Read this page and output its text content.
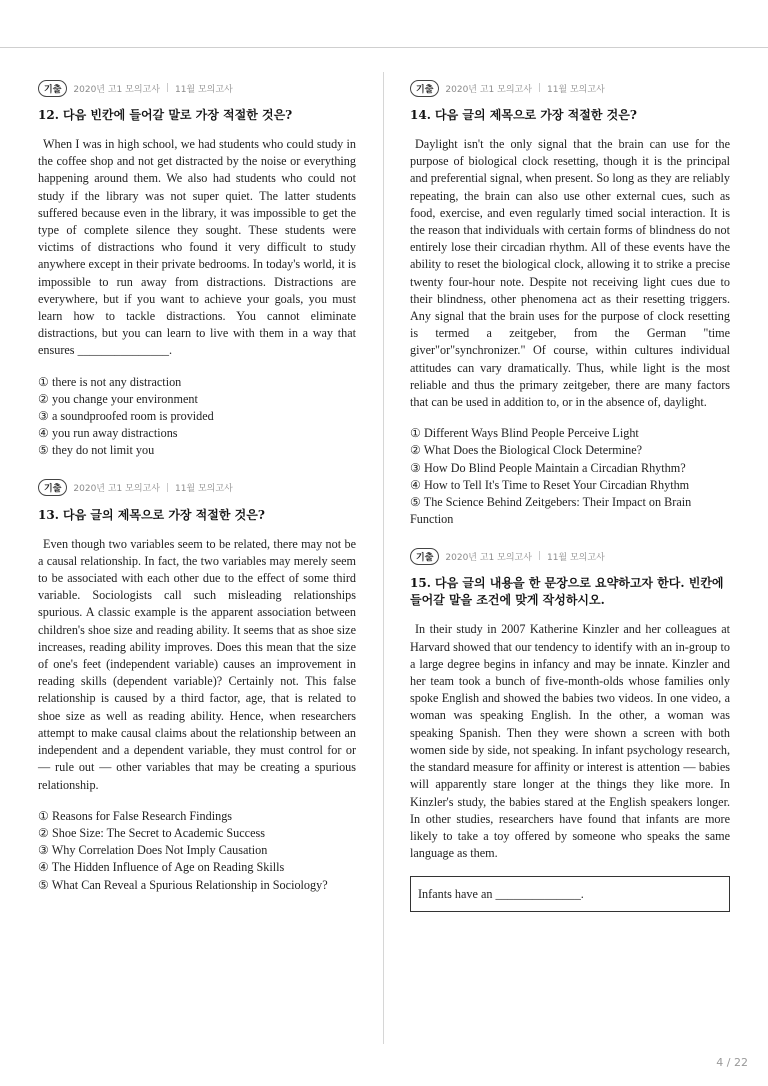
기출	2020년 고1 모의고사 | 11월 모의고사
12. 다음 빈칸에 들어갈 말로 가장 적절한 것은?
When I was in high school, we had students who could study in the coffee shop and not get distracted by the noise or everything happening around them. We also had students who could not study if the library was not super quiet. The latter students suffered because even in the library, it was impossible to get the type of complete silence they sought. These students were victims of distractions who found it very difficult to study anywhere except in their private bedrooms. In today's world, it is impossible to run away from distractions. Distractions are everywhere, but if you want to achieve your goals, you must learn how to tackle distractions. You cannot eliminate distractions, but you can learn to live with them in a way that ensures _______________.
① there is not any distraction
② you change your environment
③ a soundproofed room is provided
④ you run away distractions
⑤ they do not limit you
기출	2020년 고1 모의고사 | 11월 모의고사
13. 다음 글의 제목으로 가장 적절한 것은?
Even though two variables seem to be related, there may not be a causal relationship. In fact, the two variables may merely seem to be associated with each other due to the effect of some third variable. Sociologists call such misleading relationships spurious. A classic example is the apparent association between children's shoe size and reading ability. It seems that as shoe size increases, reading ability improves. Does this mean that the size of one's feet (independent variable) causes an improvement in reading skills (dependent variable)? Certainly not. This false relationship is caused by a third factor, age, that is related to shoe size as well as reading ability. Hence, when researchers attempt to make causal claims about the relationship between an independent and a dependent variable, they must control for or — rule out — other variables that may be creating a spurious relationship.
① Reasons for False Research Findings
② Shoe Size: The Secret to Academic Success
③ Why Correlation Does Not Imply Causation
④ The Hidden Influence of Age on Reading Skills
⑤ What Can Reveal a Spurious Relationship in Sociology?
기출	2020년 고1 모의고사 | 11월 모의고사
14. 다음 글의 제목으로 가장 적절한 것은?
Daylight isn't the only signal that the brain can use for the purpose of biological clock resetting, though it is the principal and preferential signal, when present. So long as they are reliably repeating, the brain can also use other external cues, such as food, exercise, and even regularly timed social interaction. It is the reason that individuals with certain forms of blindness do not entirely lose their circadian rhythm. All of these events have the ability to reset the biological clock, allowing it to strike a precise twenty four-hour note. Despite not receiving light cues due to their blindness, other phenomena act as their resetting triggers. Any signal that the brain uses for the purpose of clock resetting is termed a zeitgeber, from the German "time giver"or"synchronizer." Of course, within cultures individual attitudes can vary dramatically. Thus, while light is the most reliable and thus the primary zeitgeber, there are many factors that can be used in addition to, or in the absence of, daylight.
① Different Ways Blind People Perceive Light
② What Does the Biological Clock Determine?
③ How Do Blind People Maintain a Circadian Rhythm?
④ How to Tell It's Time to Reset Your Circadian Rhythm
⑤ The Science Behind Zeitgebers: Their Impact on Brain Function
기출	2020년 고1 모의고사 | 11월 모의고사
15. 다음 글의 내용을 한 문장으로 요약하고자 한다. 빈칸에 들어갈 말을 조건에 맞게 작성하시오.
In their study in 2007 Katherine Kinzler and her colleagues at Harvard showed that our tendency to identify with an in-group to a large degree begins in infancy and may be innate. Kinzler and her team took a bunch of five-month-olds whose families only spoke English and showed the babies two videos. In one video, a woman was speaking English. In the other, a woman was speaking Spanish. Then they were shown a screen with both women side by side, not speaking. In infant psychology research, the standard measure for affinity or interest is attention — babies will apparently stare longer at the things they like more. In Kinzler's study, the babies stared at the English speakers longer. In other studies, researchers have found that infants are more likely to take a toy offered by someone who speaks the same language as them.
Infants have an ______________.
4 / 22
